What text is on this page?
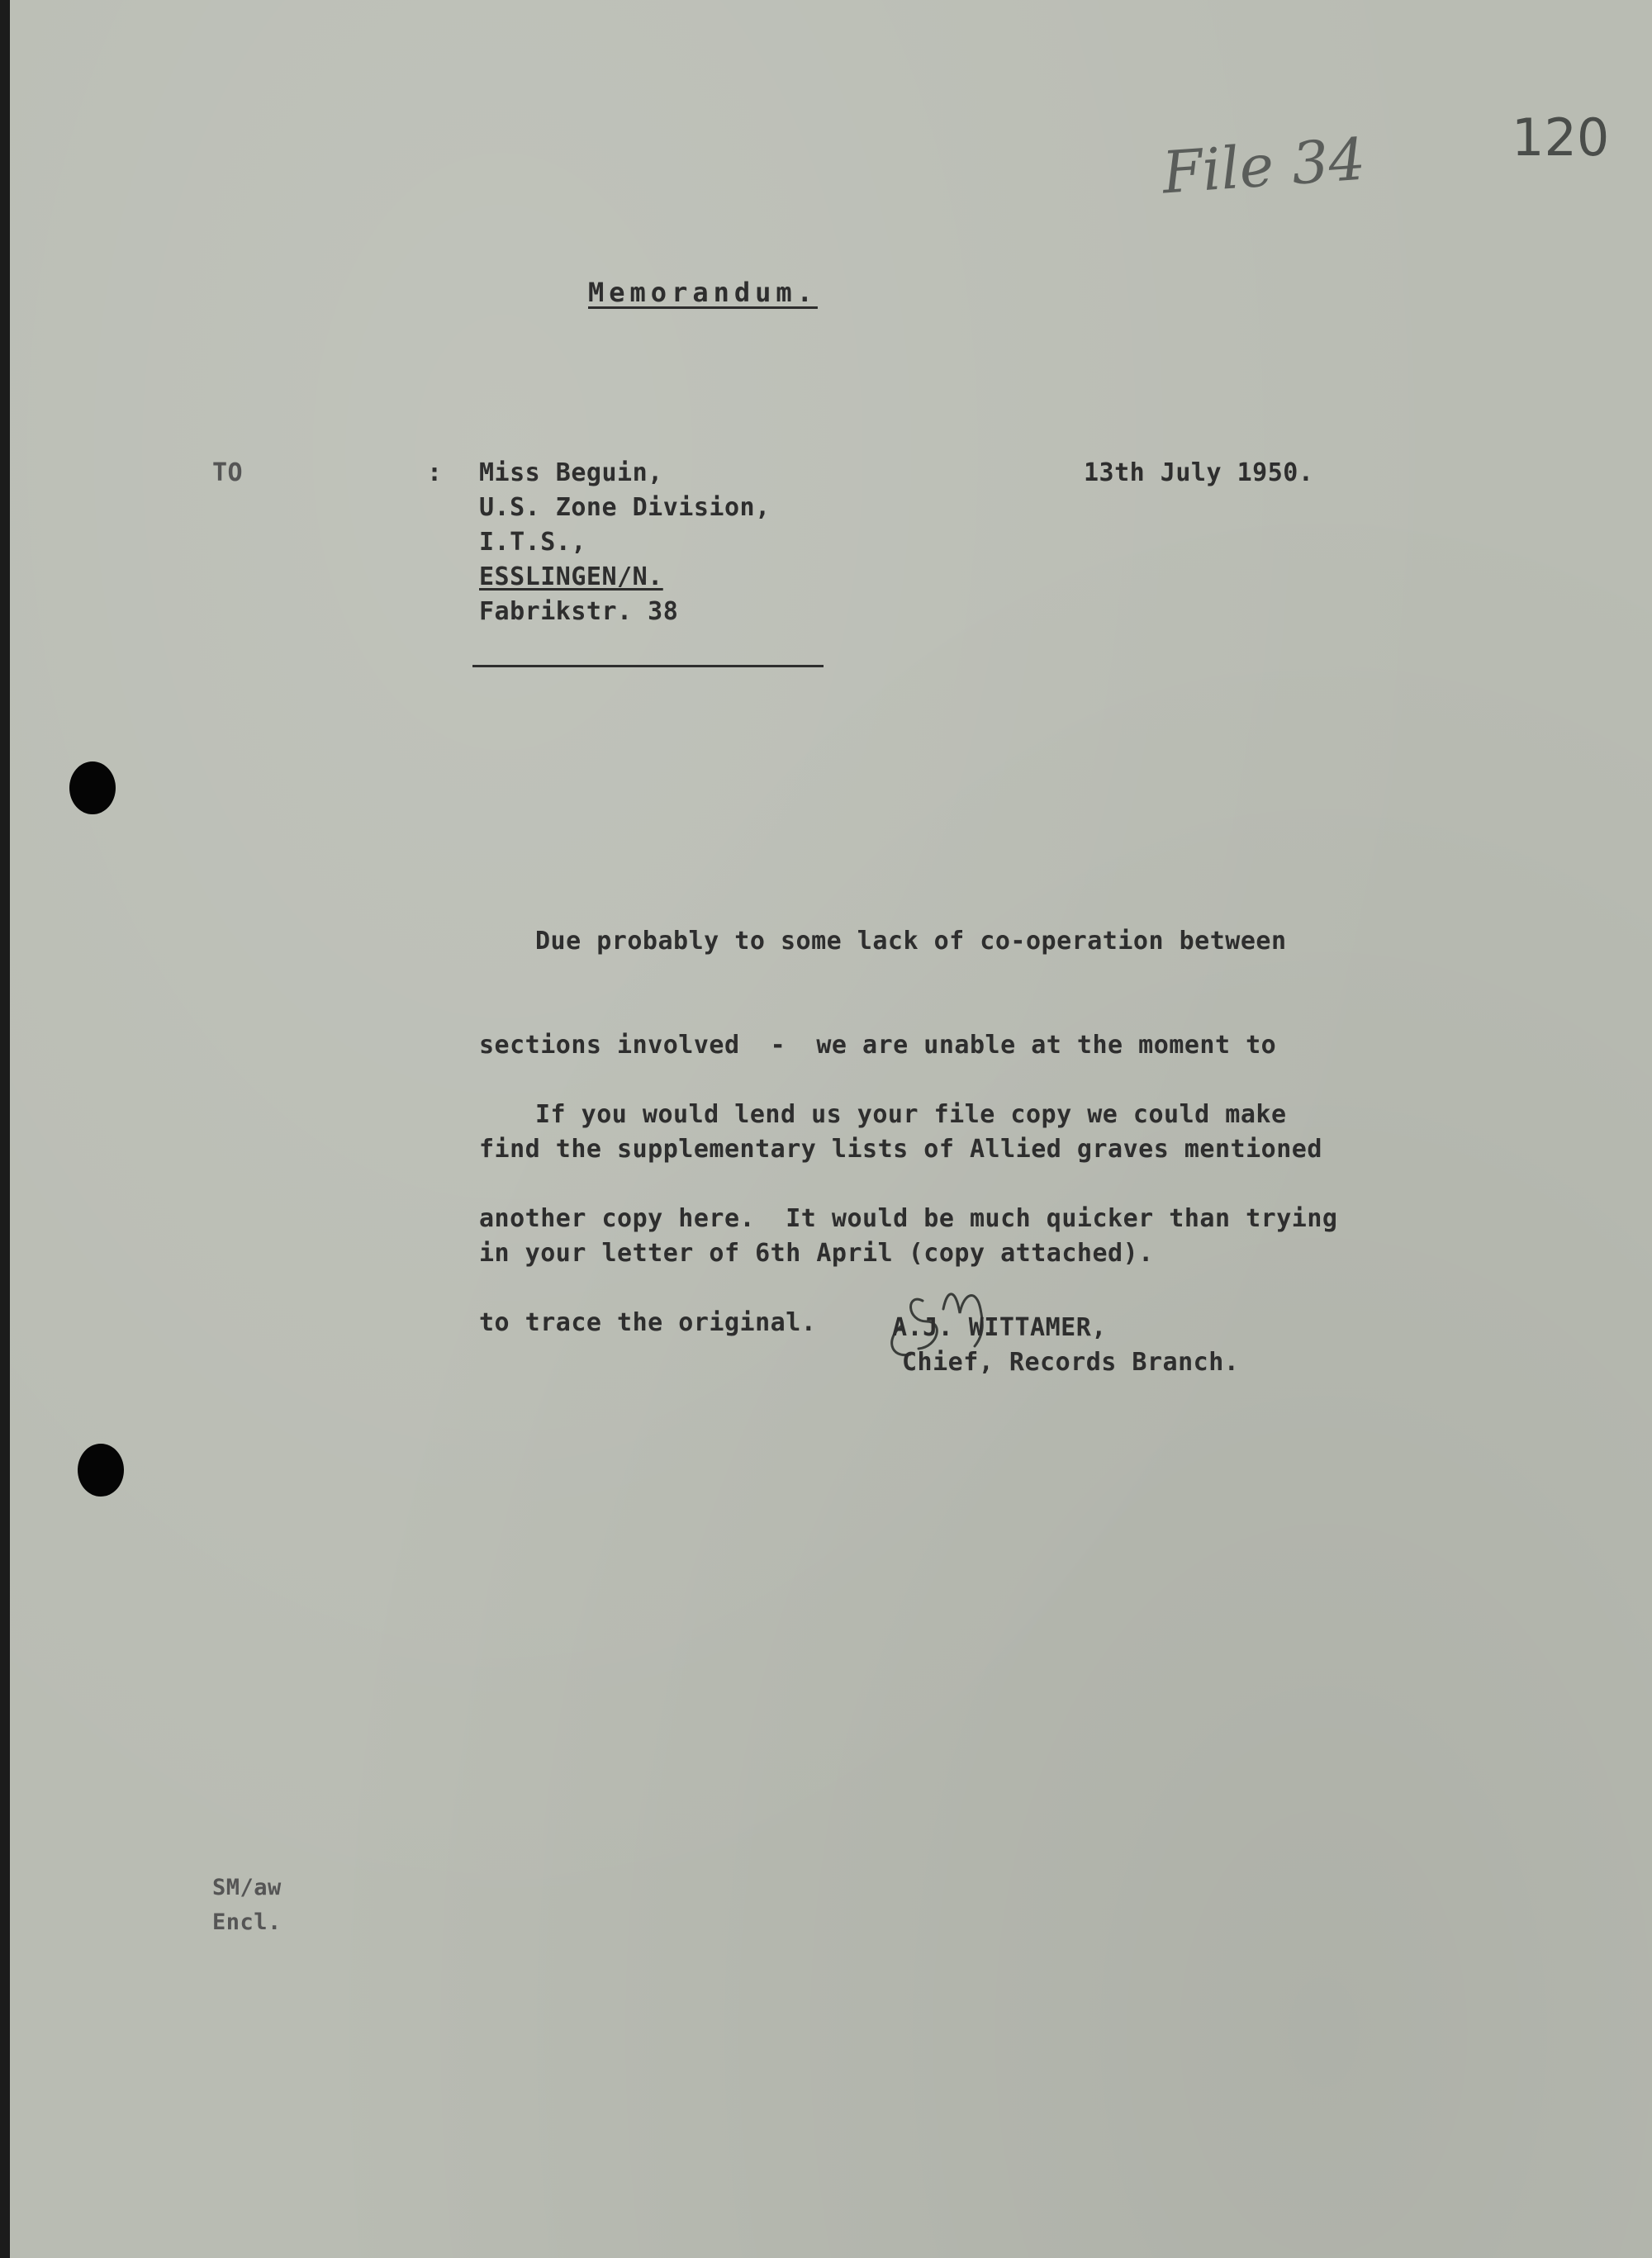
File 34	120
Memorandum.
TO	: Miss Beguin,
U.S. Zone Division,
I.T.S.,
ESSLINGEN/N.
Fabrikstr. 38
13th July 1950.

Due probably to some lack of co-operation between

sections involved  -  we are unable at the moment to

find the supplementary lists of Allied graves mentioned

in your letter of 6th April (copy attached).

If you would lend us your file copy we could make

another copy here.  It would be much quicker than trying

to trace the original.

	A.J. WITTAMER,
Chief, Records Branch.
SM/aw
Encl.
